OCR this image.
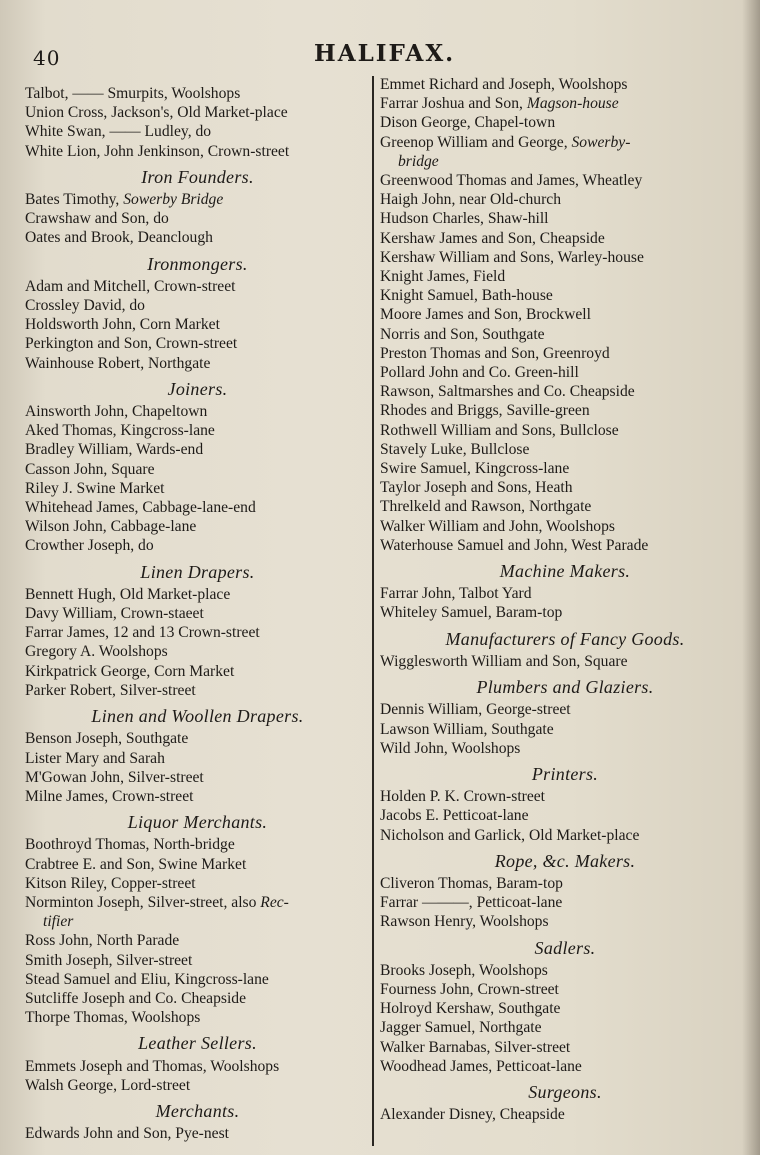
40	HALIFAX.
Talbot, —— Smurpits, Woolshops
Union Cross, Jackson's, Old Market-place
White Swan, —— Ludley, do
White Lion, John Jenkinson, Crown-street
Iron Founders.
Bates Timothy, Sowerby Bridge
Crawshaw and Son, do
Oates and Brook, Deanclough
Ironmongers.
Adam and Mitchell, Crown-street
Crossley David, do
Holdsworth John, Corn Market
Perkington and Son, Crown-street
Wainhouse Robert, Northgate
Joiners.
Ainsworth John, Chapeltown
Aked Thomas, Kingcross-lane
Bradley William, Wards-end
Casson John, Square
Riley J. Swine Market
Whitehead James, Cabbage-lane-end
Wilson John, Cabbage-lane
Crowther Joseph, do
Linen Drapers.
Bennett Hugh, Old Market-place
Davy William, Crown-staeet
Farrar James, 12 and 13 Crown-street
Gregory A. Woolshops
Kirkpatrick George, Corn Market
Parker Robert, Silver-street
Linen and Woollen Drapers.
Benson Joseph, Southgate
Lister Mary and Sarah
M'Gowan John, Silver-street
Milne James, Crown-street
Liquor Merchants.
Boothroyd Thomas, North-bridge
Crabtree E. and Son, Swine Market
Kitson Riley, Copper-street
Norminton Joseph, Silver-street, also Rec-
tifier
Ross John, North Parade
Smith Joseph, Silver-street
Stead Samuel and Eliu, Kingcross-lane
Sutcliffe Joseph and Co. Cheapside
Thorpe Thomas, Woolshops
Leather Sellers.
Emmets Joseph and Thomas, Woolshops
Walsh George, Lord-street
Merchants.
Edwards John and Son, Pye-nest
Emmet Richard and Joseph, Woolshops
Farrar Joshua and Son, Magson-house
Dison George, Chapel-town
Greenop William and George, Sowerby-
bridge
Greenwood Thomas and James, Wheatley
Haigh John, near Old-church
Hudson Charles, Shaw-hill
Kershaw James and Son, Cheapside
Kershaw William and Sons, Warley-house
Knight James, Field
Knight Samuel, Bath-house
Moore James and Son, Brockwell
Norris and Son, Southgate
Preston Thomas and Son, Greenroyd
Pollard John and Co. Green-hill
Rawson, Saltmarshes and Co. Cheapside
Rhodes and Briggs, Saville-green
Rothwell William and Sons, Bullclose
Stavely Luke, Bullclose
Swire Samuel, Kingcross-lane
Taylor Joseph and Sons, Heath
Threlkeld and Rawson, Northgate
Walker William and John, Woolshops
Waterhouse Samuel and John, West Parade
Machine Makers.
Farrar John, Talbot Yard
Whiteley Samuel, Baram-top
Manufacturers of Fancy Goods.
Wigglesworth William and Son, Square
Plumbers and Glaziers.
Dennis William, George-street
Lawson William, Southgate
Wild John, Woolshops
Printers.
Holden P. K. Crown-street
Jacobs E. Petticoat-lane
Nicholson and Garlick, Old Market-place
Rope, &c. Makers.
Cliveron Thomas, Baram-top
Farrar ———, Petticoat-lane
Rawson Henry, Woolshops
Sadlers.
Brooks Joseph, Woolshops
Fourness John, Crown-street
Holroyd Kershaw, Southgate
Jagger Samuel, Northgate
Walker Barnabas, Silver-street
Woodhead James, Petticoat-lane
Surgeons.
Alexander Disney, Cheapside
